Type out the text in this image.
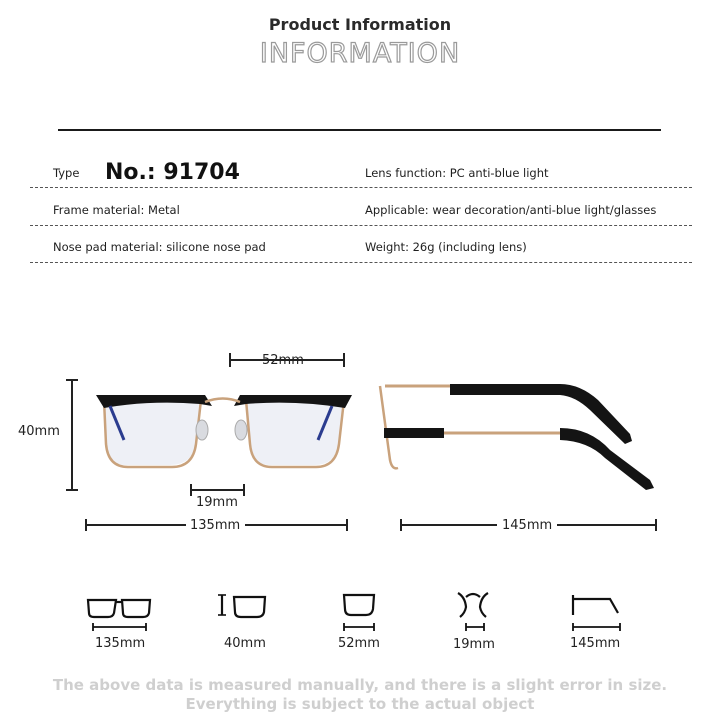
Product Information
INFORMATION
Type No.: 91704	Lens function: PC anti-blue light
Frame material: Metal	Applicable: wear decoration/anti-blue light/glasses
Nose pad material: silicone nose pad	Weight: 26g (including lens)
52mm
40mm
19mm
135mm	145mm
135mm	40mm	52mm	19mm	145mm
The above data is measured manually, and there is a slight error in size.
Everything is subject to the actual object
